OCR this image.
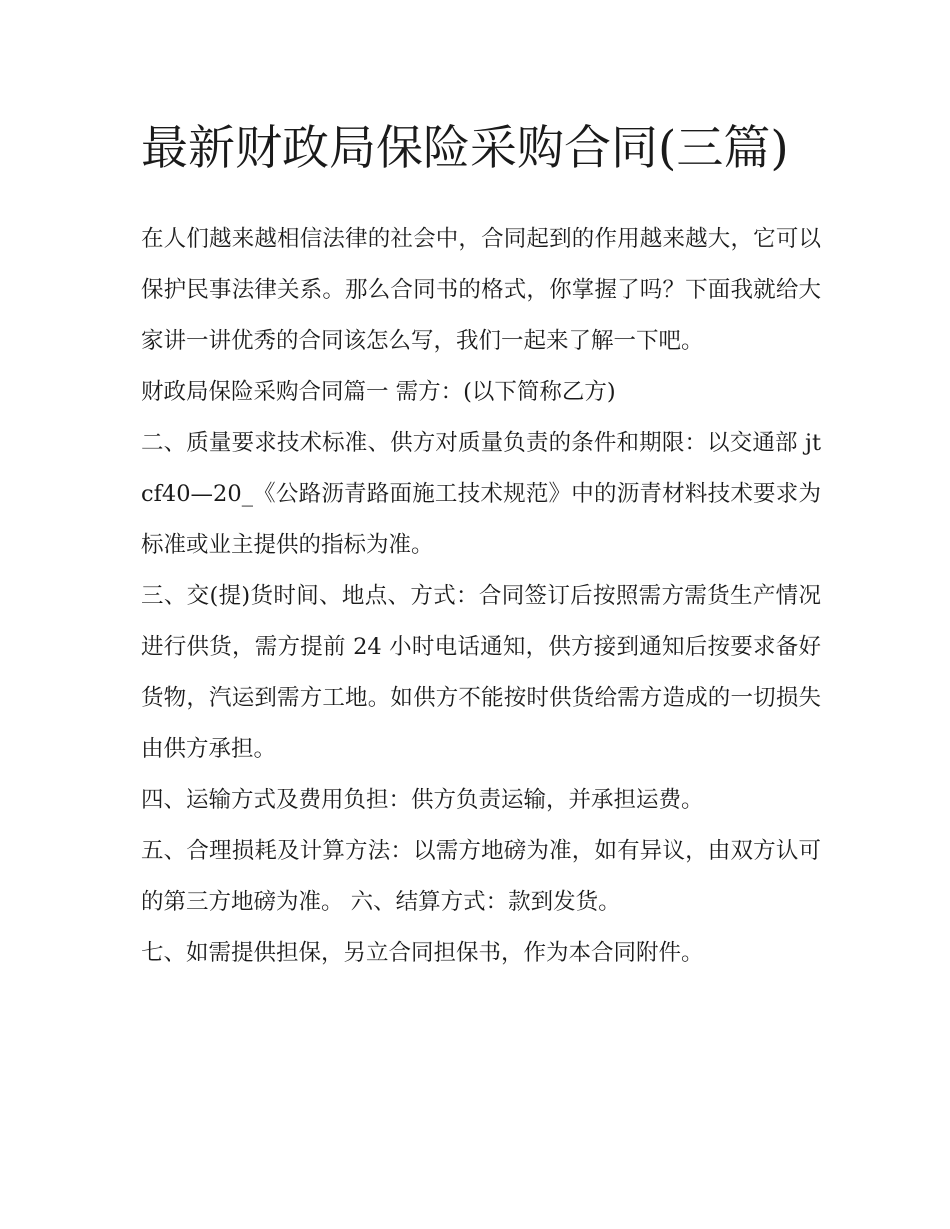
最新财政局保险采购合同(三篇)

在人们越来越相信法律的社会中，合同起到的作用越来越大，它可以保护民事法律关系。那么合同书的格式，你掌握了吗？下面我就给大家讲一讲优秀的合同该怎么写，我们一起来了解一下吧。

财政局保险采购合同篇一 需方：(以下简称乙方)

二、质量要求技术标准、供方对质量负责的条件和期限：以交通部 jtcf40—20_《公路沥青路面施工技术规范》中的沥青材料技术要求为标准或业主提供的指标为准。

三、交(提)货时间、地点、方式：合同签订后按照需方需货生产情况进行供货，需方提前 24 小时电话通知，供方接到通知后按要求备好货物，汽运到需方工地。如供方不能按时供货给需方造成的一切损失由供方承担。

四、运输方式及费用负担：供方负责运输，并承担运费。

五、合理损耗及计算方法：以需方地磅为准，如有异议，由双方认可的第三方地磅为准。 六、结算方式：款到发货。

七、如需提供担保，另立合同担保书，作为本合同附件。
